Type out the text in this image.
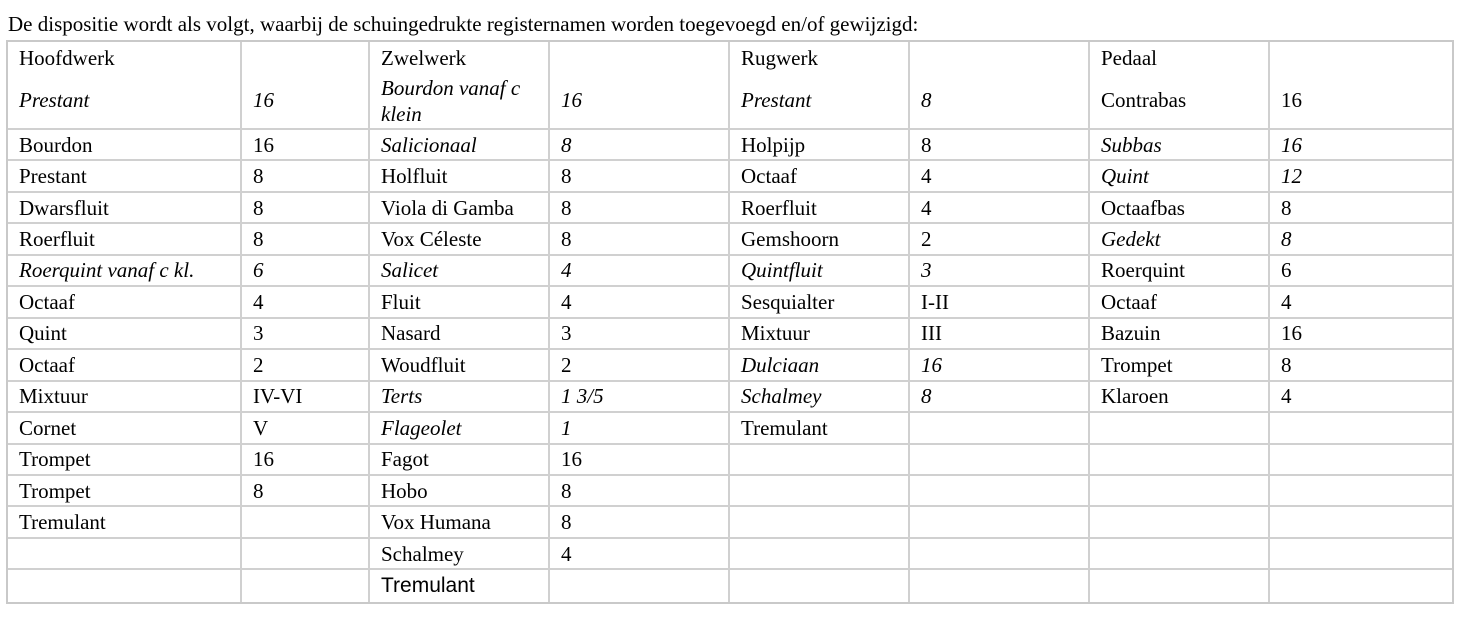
De dispositie wordt als volgt, waarbij de schuingedrukte registernamen worden toegevoegd en/of gewijzigd:
Hoofdwerk		Zwelwerk		Rugwerk		Pedaal	
Prestant	16	Bourdon vanaf c klein	16	Prestant	8	Contrabas	16
Bourdon	16	Salicionaal	8	Holpijp	8	Subbas	16
Prestant	8	Holfluit	8	Octaaf	4	Quint	12
Dwarsfluit	8	Viola di Gamba	8	Roerfluit	4	Octaafbas	8
Roerfluit	8	Vox Céleste	8	Gemshoorn	2	Gedekt	8
Roerquint vanaf c kl.	6	Salicet	4	Quintfluit	3	Roerquint	6
Octaaf	4	Fluit	4	Sesquialter	I-II	Octaaf	4
Quint	3	Nasard	3	Mixtuur	III	Bazuin	16
Octaaf	2	Woudfluit	2	Dulciaan	16	Trompet	8
Mixtuur	IV-VI	Terts	1 3/5	Schalmey	8	Klaroen	4
Cornet	V	Flageolet	1	Tremulant			
Trompet	16	Fagot	16				
Trompet	8	Hobo	8				
Tremulant		Vox Humana	8				
		Schalmey	4				
		Tremulant					
